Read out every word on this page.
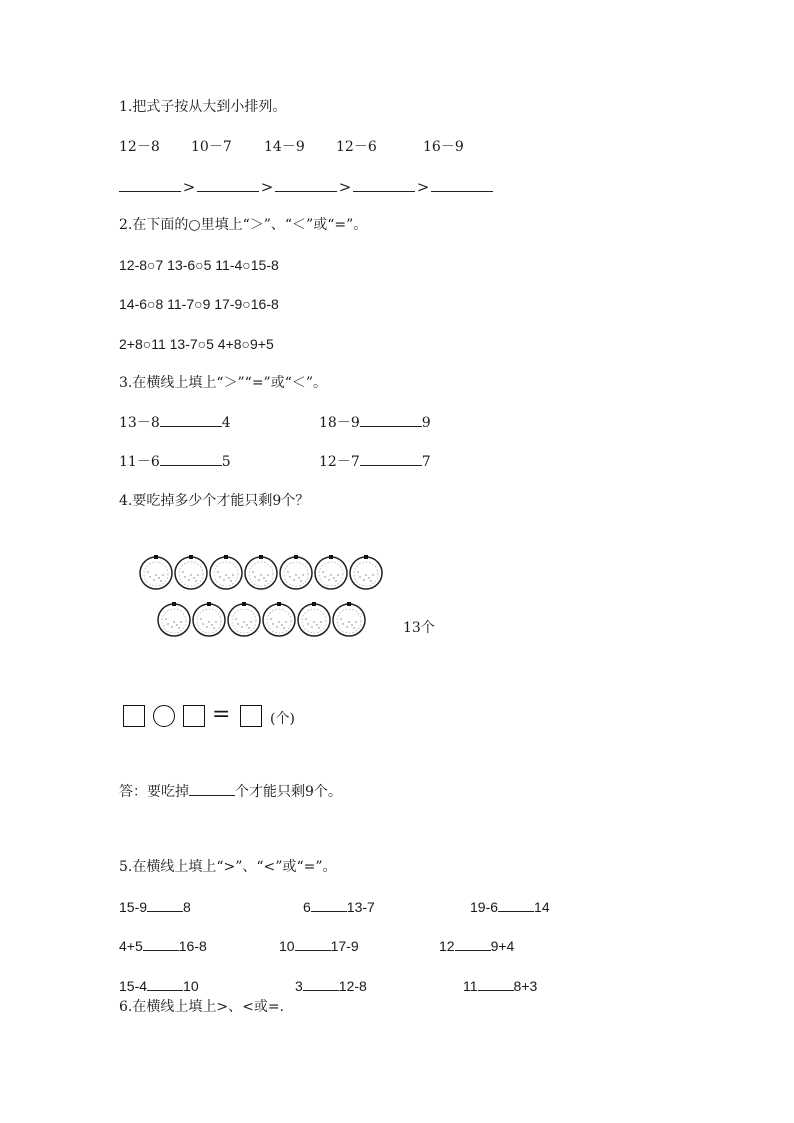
1.把式子按从大到小排列。
12－8 10－7 14－9 12－6	16－9
>	>	>	>
2.在下面的○里填上“＞”、“＜”或“=”。
12-8○7 13-6○5 11-4○15-8
14-6○8 11-7○9 17-9○16-8
2+8○11 13-7○5 4+8○9+5
3.在横线上填上“＞”“=”或“＜”。
13－8	4	18－9	9
11－6	5	12－7	7
4.要吃掉多少个才能只剩9个？
13个
=	(个)
答：要吃掉	个才能只剩9个。
5.在横线上填上“>”、“<”或“=”。
15-9	8	6	13-7	19-6	14
4+5	16-8	10	17-9	12	9+4
15-4	10	3	12-8	11	8+3
6.在横线上填上>、<或=.
